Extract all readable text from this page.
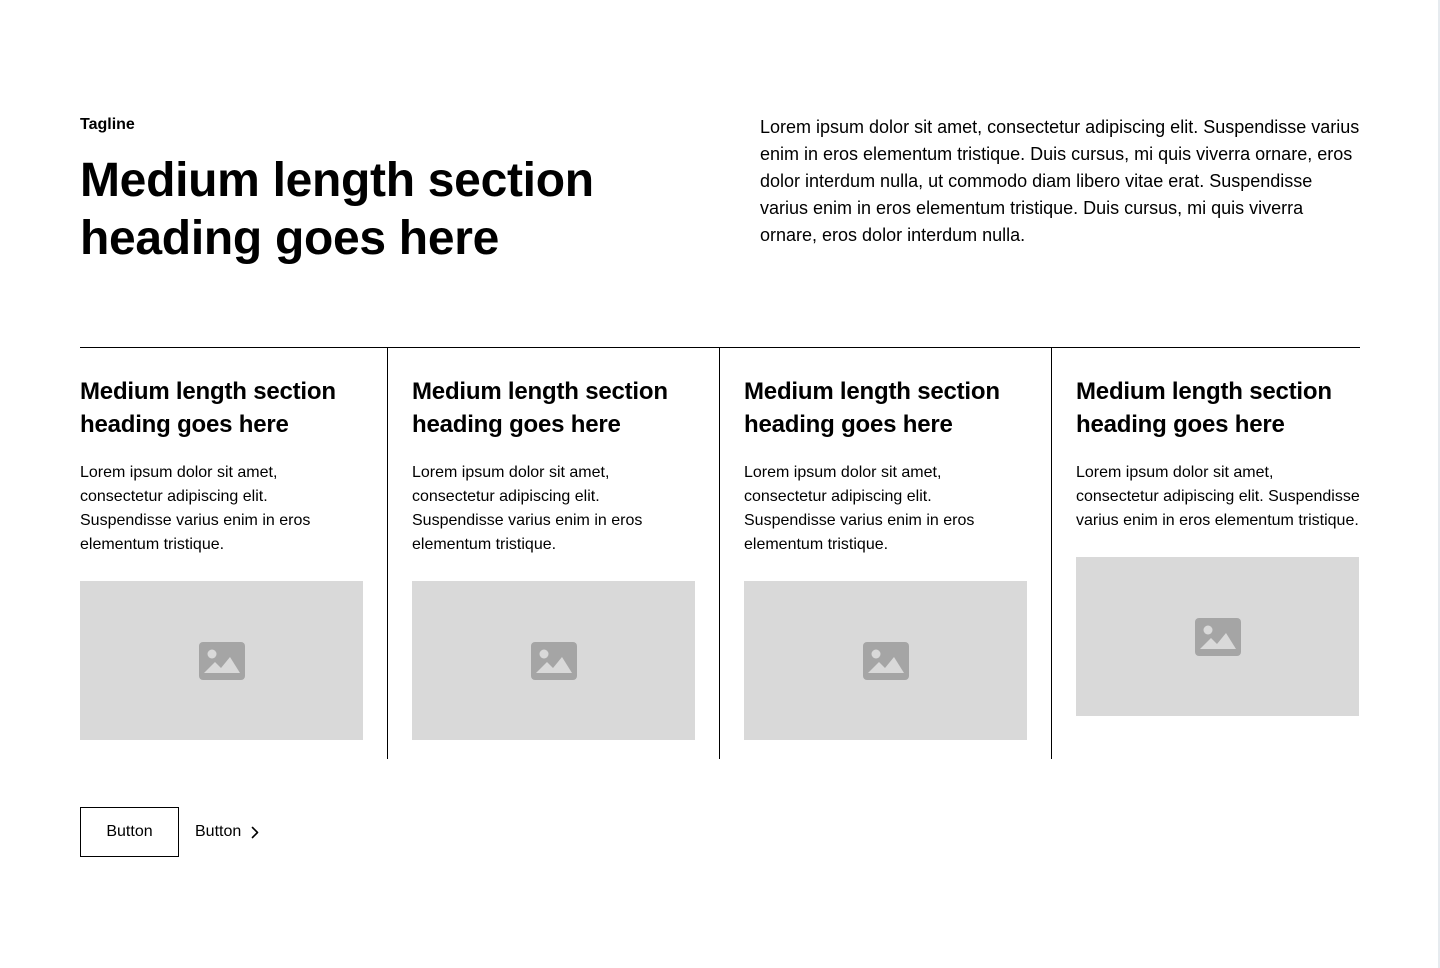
Tagline
Medium length section heading goes here

Lorem ipsum dolor sit amet, consectetur adipiscing elit. Suspendisse varius enim in eros elementum tristique. Duis cursus, mi quis viverra ornare, eros dolor interdum nulla, ut commodo diam libero vitae erat. Suspendisse varius enim in eros elementum tristique. Duis cursus, mi quis viverra ornare, eros dolor interdum nulla.

Medium length section heading goes here

Lorem ipsum dolor sit amet, consectetur adipiscing elit. Suspendisse varius enim in eros elementum tristique.

Medium length section heading goes here

Lorem ipsum dolor sit amet, consectetur adipiscing elit. Suspendisse varius enim in eros elementum tristique.

Medium length section heading goes here

Lorem ipsum dolor sit amet, consectetur adipiscing elit. Suspendisse varius enim in eros elementum tristique.

Medium length section heading goes here

Lorem ipsum dolor sit amet, consectetur adipiscing elit. Suspendisse varius enim in eros elementum tristique.

Button	Button
